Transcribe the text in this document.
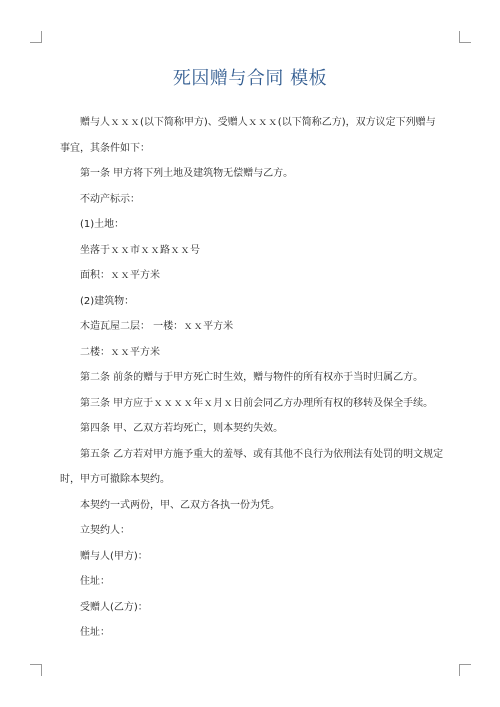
死因赠与合同 模板

赠与人ｘｘｘ(以下简称甲方)、受赠人ｘｘｘ(以下简称乙方)，双方议定下列赠与事宜，其条件如下：

第一条 甲方将下列土地及建筑物无偿赠与乙方。

不动产标示：

(1)土地：

坐落于ｘｘ市ｘｘ路ｘｘ号

面积：ｘｘ平方米

(2)建筑物：

木造瓦屋二层： 一楼：ｘｘ平方米

二楼：ｘｘ平方米

第二条 前条的赠与于甲方死亡时生效，赠与物件的所有权亦于当时归属乙方。

第三条 甲方应于ｘｘｘｘ年ｘ月ｘ日前会同乙方办理所有权的移转及保全手续。

第四条 甲、乙双方若均死亡，则本契约失效。

第五条 乙方若对甲方施予重大的羞辱、或有其他不良行为依刑法有处罚的明文规定时，甲方可撤除本契约。

本契约一式两份，甲、乙双方各执一份为凭。

立契约人：

赠与人(甲方)：

住址：

受赠人(乙方)：

住址：
